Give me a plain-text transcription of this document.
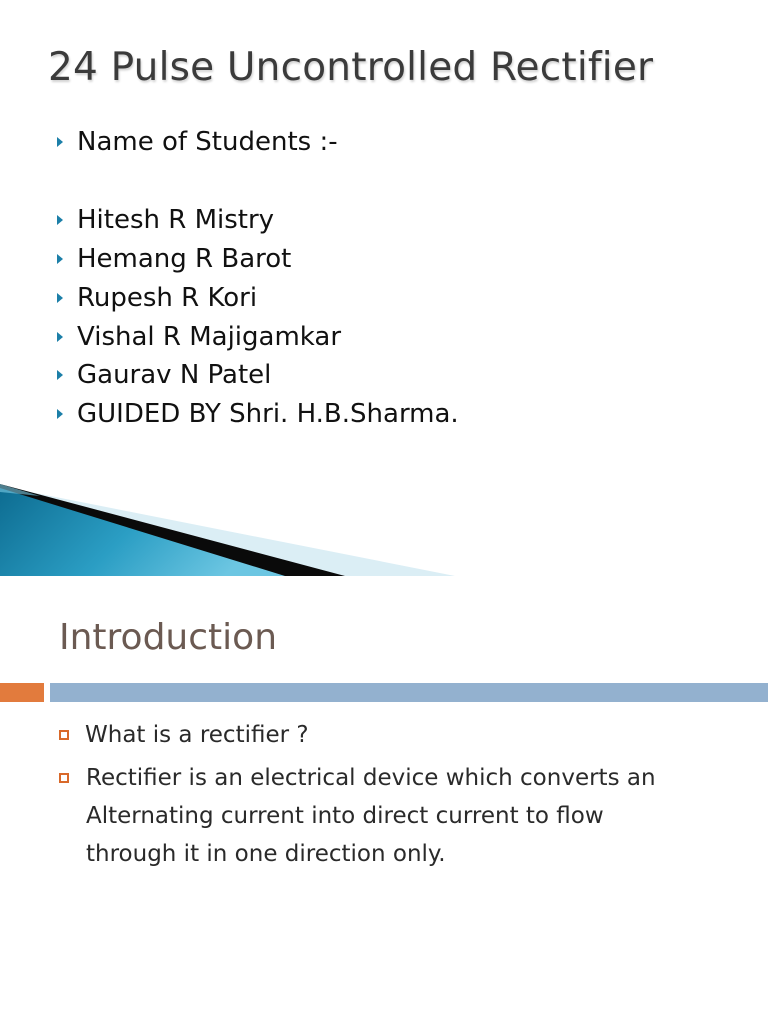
24 Pulse Uncontrolled Rectifier
Name of Students :-
Hitesh R Mistry
Hemang R Barot
Rupesh R Kori
Vishal R Majigamkar
Gaurav N Patel
GUIDED BY Shri. H.B.Sharma.
Introduction
What is a rectifier ?

Rectifier is an electrical device which converts an
Alternating current into direct current to flow
through it in one direction only.
